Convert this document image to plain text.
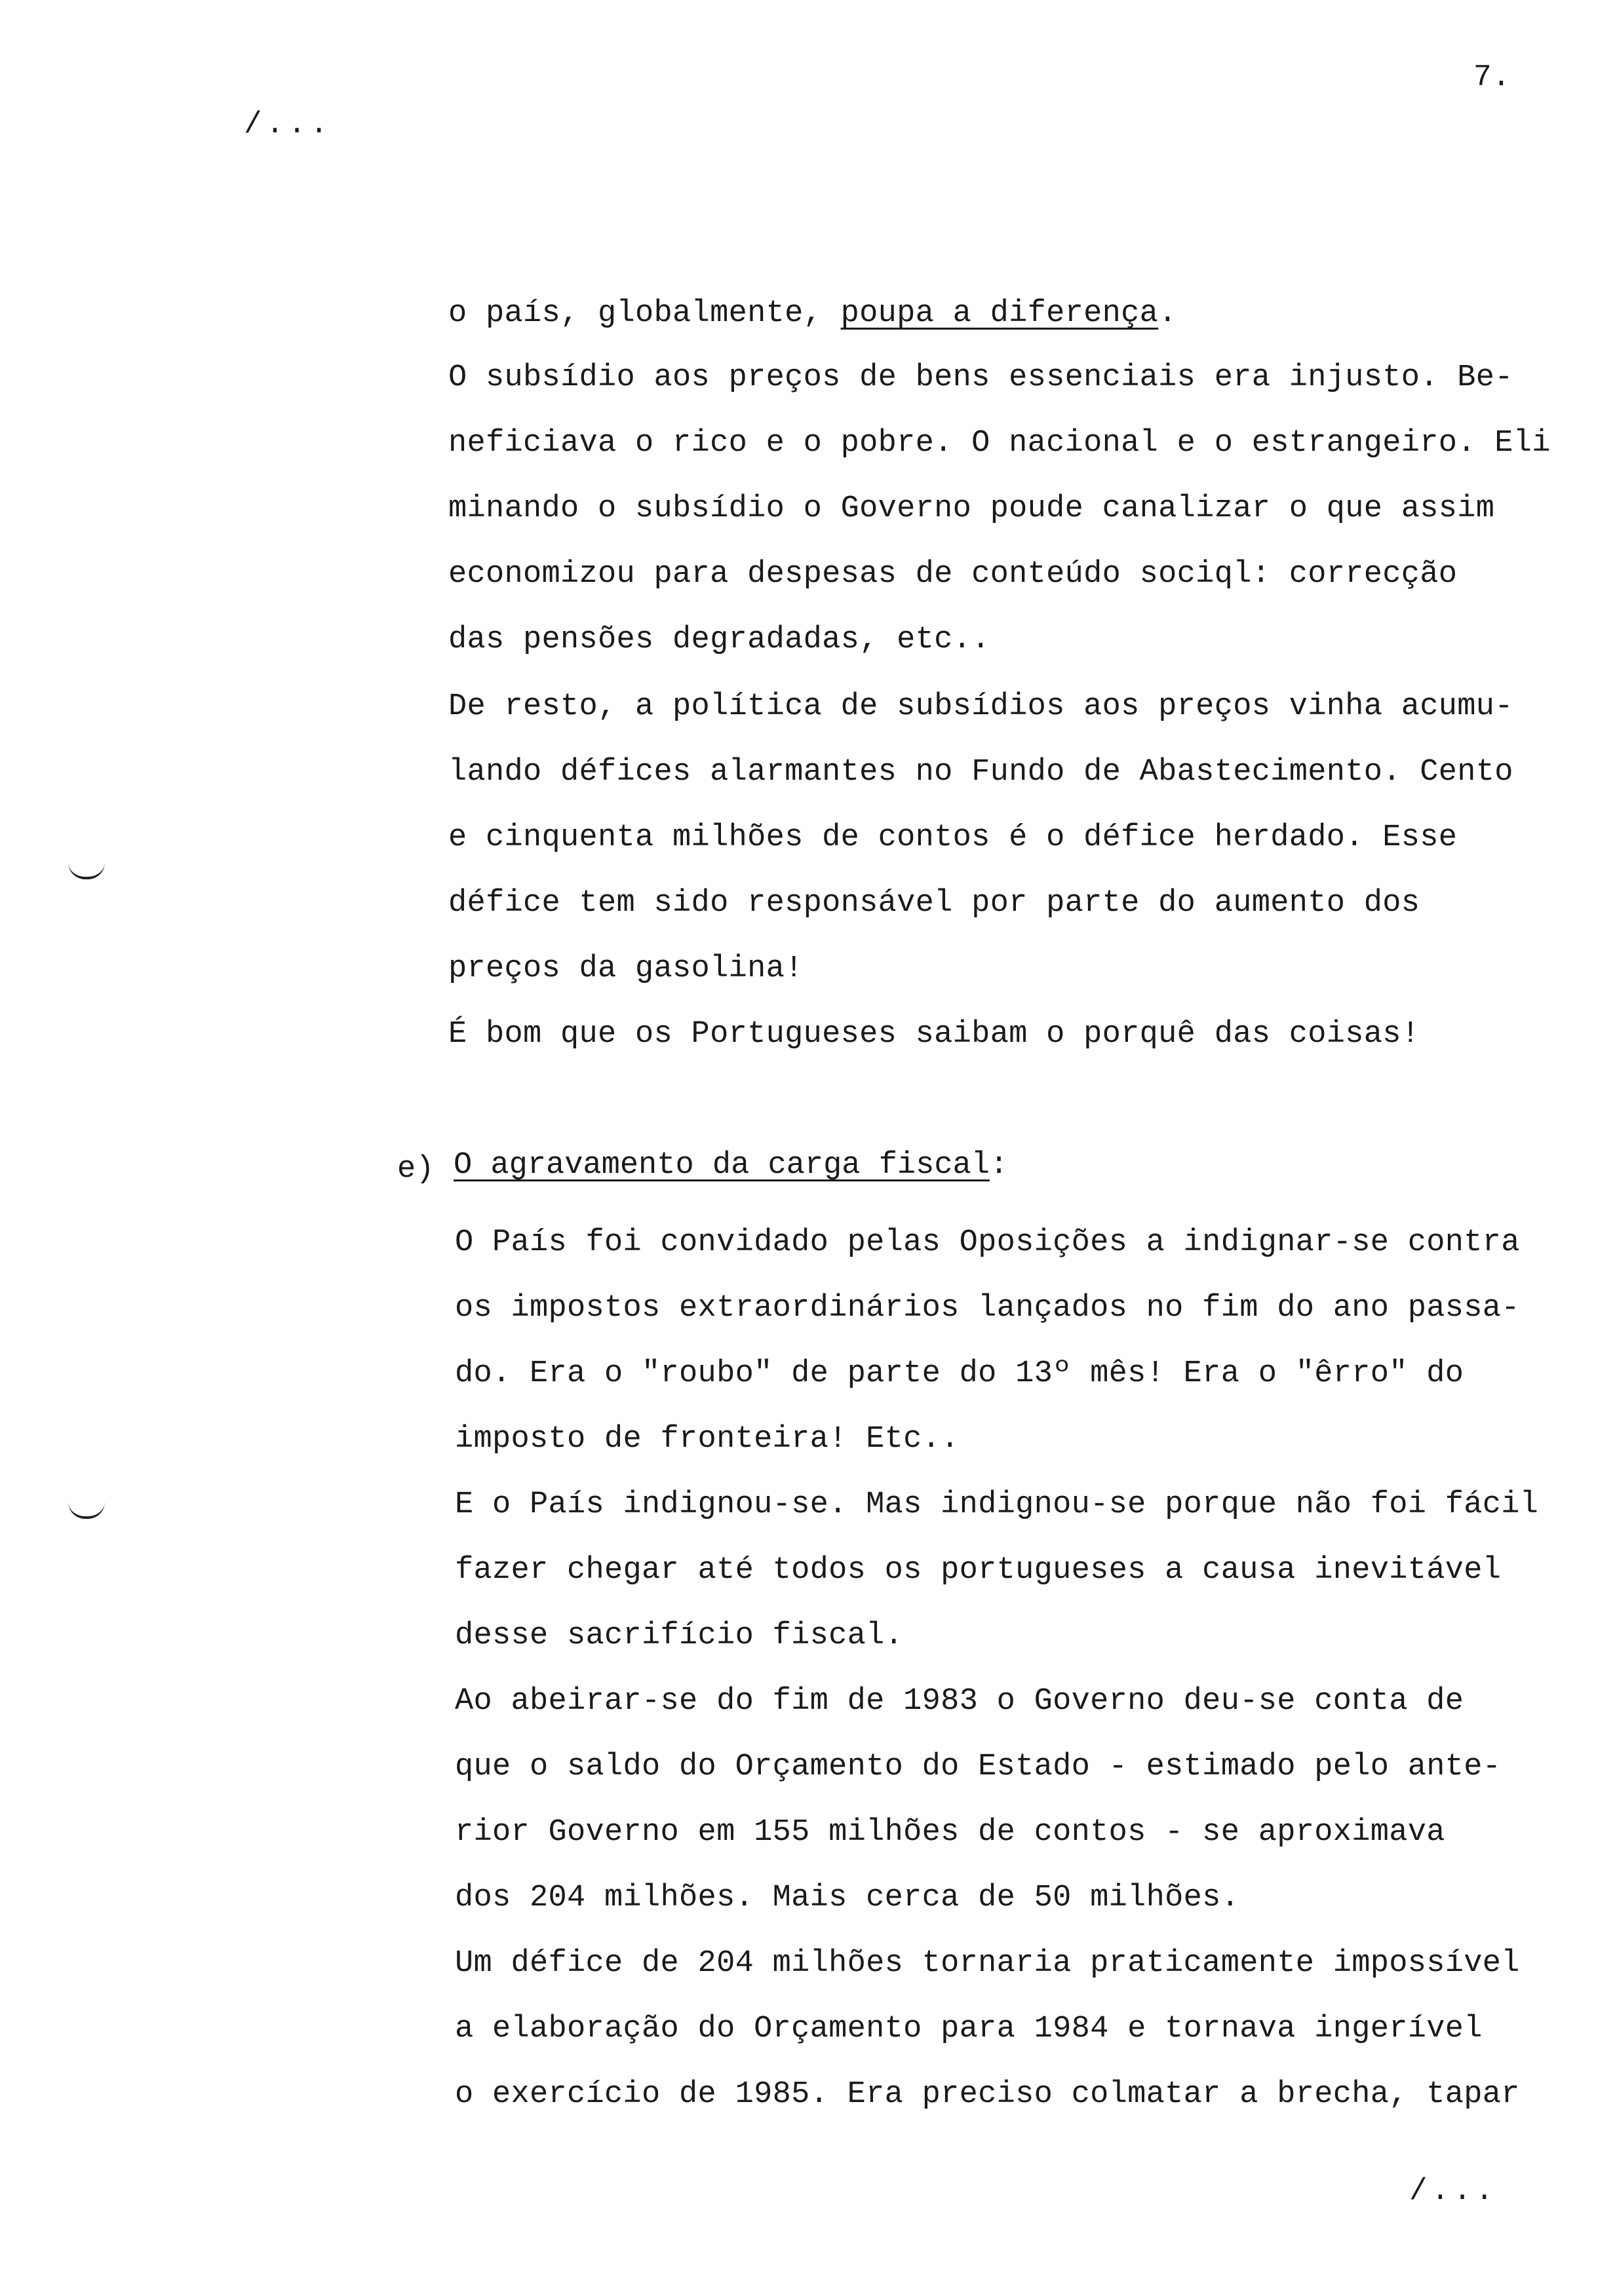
7.
/...
o país, globalmente, poupa a diferença.
O subsídio aos preços de bens essenciais era injusto. Be-
neficiava o rico e o pobre. O nacional e o estrangeiro. Eli
minando o subsídio o Governo poude canalizar o que assim
economizou para despesas de conteúdo sociql: correcção
das pensões degradadas, etc..
De resto, a política de subsídios aos preços vinha acumu-
lando défices alarmantes no Fundo de Abastecimento. Cento
e cinquenta milhões de contos é o défice herdado. Esse
défice tem sido responsável por parte do aumento dos
preços da gasolina!
É bom que os Portugueses saibam o porquê das coisas!
e) O agravamento da carga fiscal:
O País foi convidado pelas Oposições a indignar-se contra
os impostos extraordinários lançados no fim do ano passa-
do. Era o "roubo" de parte do 13º mês! Era o "êrro" do
imposto de fronteira! Etc..
E o País indignou-se. Mas indignou-se porque não foi fácil
fazer chegar até todos os portugueses a causa inevitável
desse sacrifício fiscal.
Ao abeirar-se do fim de 1983 o Governo deu-se conta de
que o saldo do Orçamento do Estado - estimado pelo ante-
rior Governo em 155 milhões de contos - se aproximava
dos 204 milhões. Mais cerca de 50 milhões.
Um défice de 204 milhões tornaria praticamente impossível
a elaboração do Orçamento para 1984 e tornava ingerível
o exercício de 1985. Era preciso colmatar a brecha, tapar
/...
